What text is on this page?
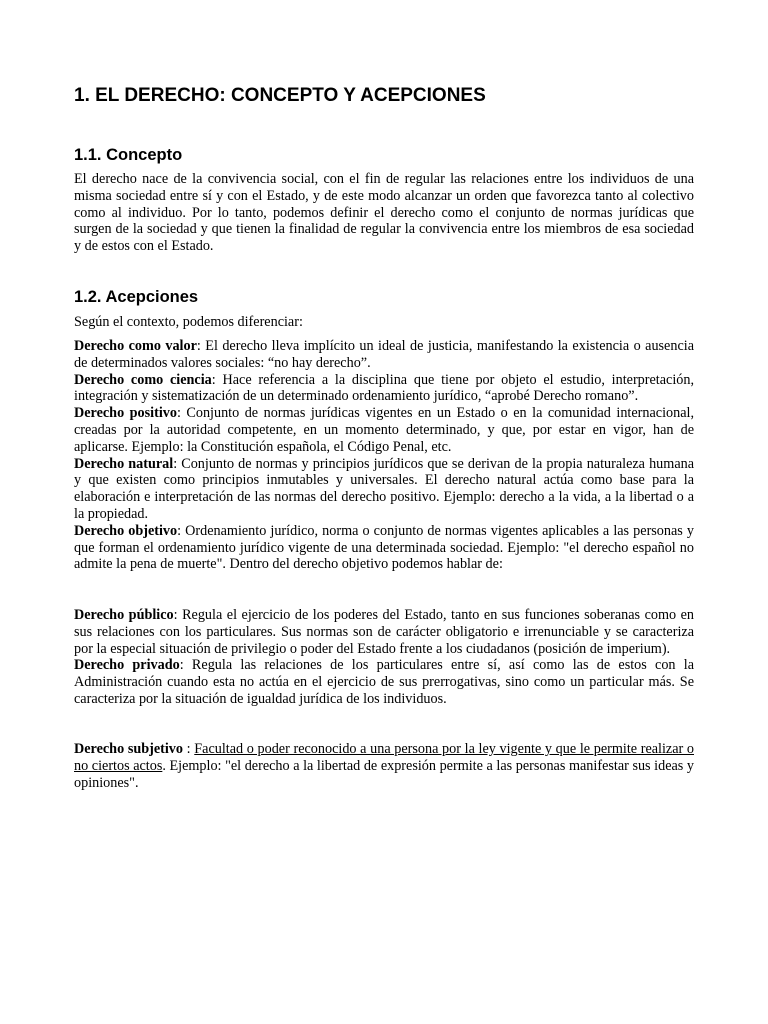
1. EL DERECHO: CONCEPTO Y ACEPCIONES
1.1. Concepto

El derecho nace de la convivencia social, con el fin de regular las relaciones entre los individuos de una misma sociedad entre sí y con el Estado, y de este modo alcanzar un orden que favorezca tanto al colectivo como al individuo. Por lo tanto, podemos definir el derecho como el conjunto de normas jurídicas que surgen de la sociedad y que tienen la finalidad de regular la convivencia entre los miembros de esa sociedad y de estos con el Estado.

1.2. Acepciones

Según el contexto, podemos diferenciar:

Derecho como valor: El derecho lleva implícito un ideal de justicia, manifestando la existencia o ausencia de determinados valores sociales: “no hay derecho”.

Derecho como ciencia: Hace referencia a la disciplina que tiene por objeto el estudio, interpretación, integración y sistematización de un determinado ordenamiento jurídico, “aprobé Derecho romano”.

Derecho positivo: Conjunto de normas jurídicas vigentes en un Estado o en la comunidad internacional, creadas por la autoridad competente, en un momento determinado, y que, por estar en vigor, han de aplicarse. Ejemplo: la Constitución española, el Código Penal, etc.

Derecho natural: Conjunto de normas y principios jurídicos que se derivan de la propia naturaleza humana y que existen como principios inmutables y universales. El derecho natural actúa como base para la elaboración e interpretación de las normas del derecho positivo. Ejemplo: derecho a la vida, a la libertad o a la propiedad.

Derecho objetivo: Ordenamiento jurídico, norma o conjunto de normas vigentes aplicables a las personas y que forman el ordenamiento jurídico vigente de una determinada sociedad. Ejemplo: "el derecho español no admite la pena de muerte". Dentro del derecho objetivo podemos hablar de:

Derecho público: Regula el ejercicio de los poderes del Estado, tanto en sus funciones soberanas como en sus relaciones con los particulares. Sus normas son de carácter obligatorio e irrenunciable y se caracteriza por la especial situación de privilegio o poder del Estado frente a los ciudadanos (posición de imperium).

Derecho privado: Regula las relaciones de los particulares entre sí, así como las de estos con la Administración cuando esta no actúa en el ejercicio de sus prerrogativas, sino como un particular más. Se caracteriza por la situación de igualdad jurídica de los individuos.

Derecho subjetivo : Facultad o poder reconocido a una persona por la ley vigente y que le permite realizar o no ciertos actos. Ejemplo: "el derecho a la libertad de expresión permite a las personas manifestar sus ideas y opiniones".
